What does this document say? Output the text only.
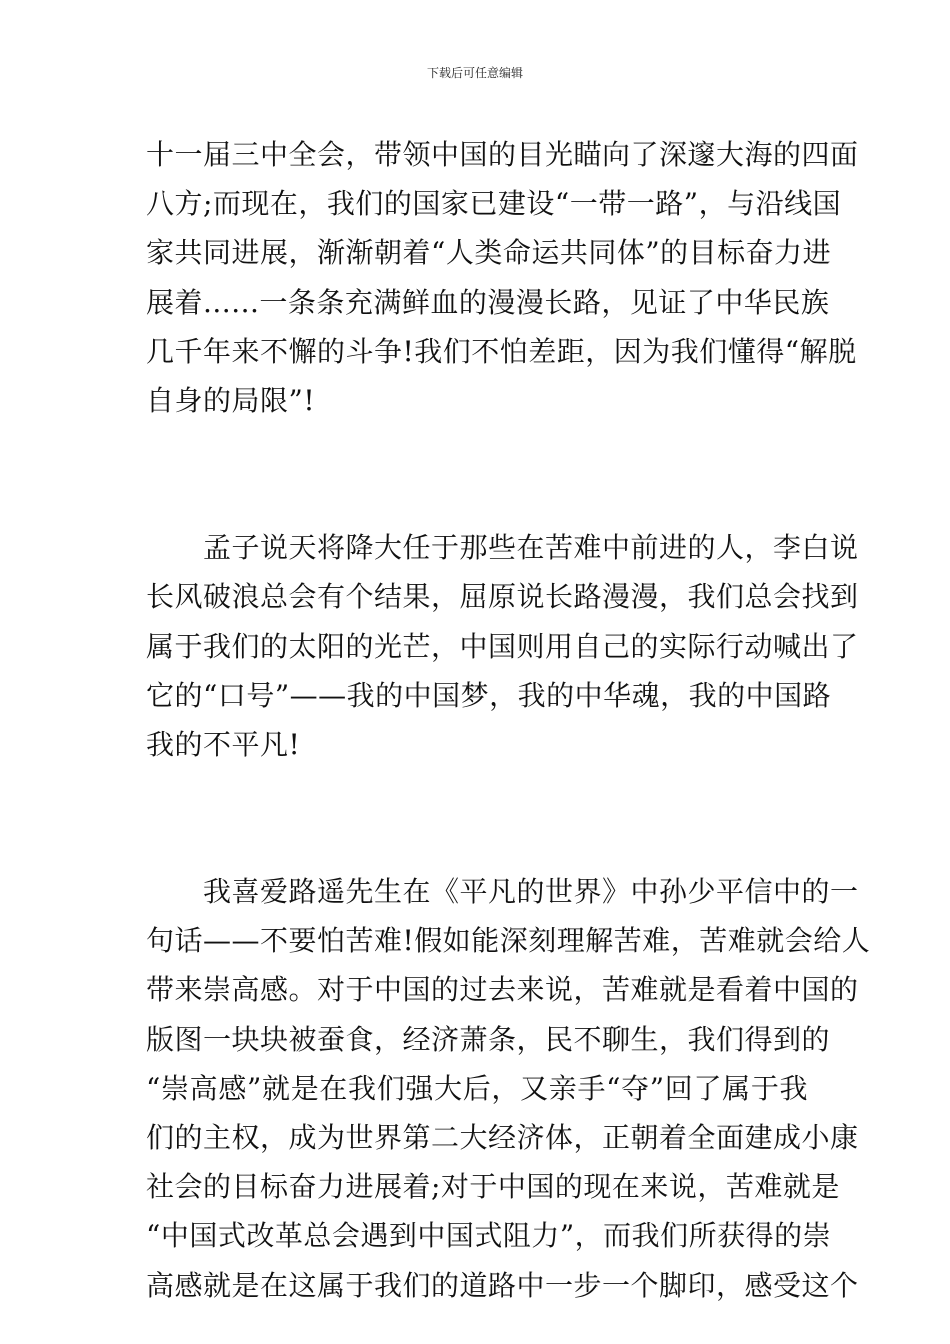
下载后可任意编辑
十一届三中全会，带领中国的目光瞄向了深邃大海的四面
八方;而现在，我们的国家已建设“一带一路”，与沿线国
家共同进展，渐渐朝着“人类命运共同体”的目标奋力进
展着......一条条充满鲜血的漫漫长路，见证了中华民族
几千年来不懈的斗争!我们不怕差距，因为我们懂得“解脱
自身的局限”!
　　孟子说天将降大任于那些在苦难中前进的人，李白说
长风破浪总会有个结果，屈原说长路漫漫，我们总会找到
属于我们的太阳的光芒，中国则用自己的实际行动喊出了
它的“口号”——我的中国梦，我的中华魂，我的中国路
我的不平凡!
　　我喜爱路遥先生在《平凡的世界》中孙少平信中的一
句话——不要怕苦难!假如能深刻理解苦难，苦难就会给人
带来崇高感。对于中国的过去来说，苦难就是看着中国的
版图一块块被蚕食，经济萧条，民不聊生，我们得到的
“崇高感”就是在我们强大后，又亲手“夺”回了属于我
们的主权，成为世界第二大经济体，正朝着全面建成小康
社会的目标奋力进展着;对于中国的现在来说，苦难就是
“中国式改革总会遇到中国式阻力”，而我们所获得的崇
高感就是在这属于我们的道路中一步一个脚印，感受这个
